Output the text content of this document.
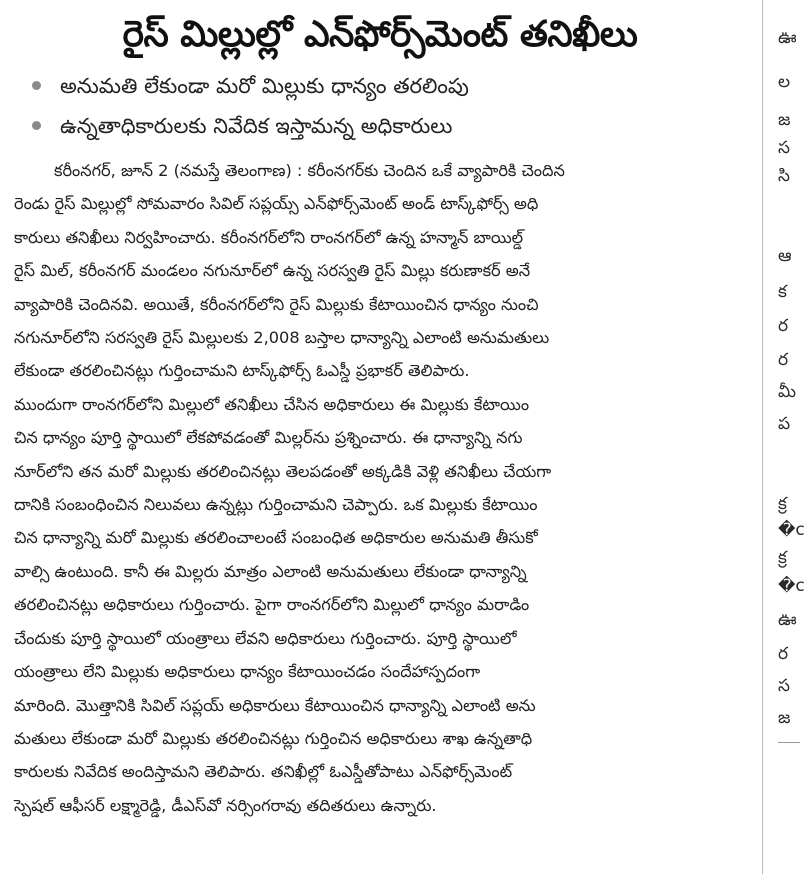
రైస్ మిల్లుల్లో ఎన్‌ఫోర్స్‌మెంట్ తనిఖీలు
అనుమతి లేకుండా మరో మిల్లుకు ధాన్యం తరలింపు
ఉన్నతాధికారులకు నివేదిక ఇస్తామన్న అధికారులు
కరీంనగర్, జూన్ 2 (నమస్తే తెలంగాణ) : కరీంనగర్‌కు చెందిన ఒకే వ్యాపారికి చెందిన
రెండు రైస్ మిల్లుల్లో సోమవారం సివిల్ సప్లయ్స్ ఎన్‌ఫోర్స్‌మెంట్ అండ్ టాస్క్‌ఫోర్స్ అధి
కారులు తనిఖీలు నిర్వహించారు. కరీంనగర్‌లోని రాంనగర్‌లో ఉన్న హన్మాన్ బాయిల్డ్
రైస్ మిల్, కరీంనగర్ మండలం నగునూర్‌లో ఉన్న సరస్వతి రైస్ మిల్లు కరుణాకర్ అనే
వ్యాపారికి చెందినవి. అయితే, కరీంనగర్‌లోని రైస్ మిల్లుకు కేటాయించిన ధాన్యం నుంచి
నగునూర్‌లోని సరస్వతి రైస్ మిల్లులకు 2,008 బస్తాల ధాన్యాన్ని ఎలాంటి అనుమతులు
లేకుండా తరలించినట్లు గుర్తించామని టాస్క్‌ఫోర్స్ ఓఎస్డీ ప్రభాకర్ తెలిపారు.
ముందుగా రాంనగర్‌లోని మిల్లులో తనిఖీలు చేసిన అధికారులు ఈ మిల్లుకు కేటాయిం
చిన ధాన్యం పూర్తి స్థాయిలో లేకపోవడంతో మిల్లర్‌ను ప్రశ్నించారు. ఈ ధాన్యాన్ని నగు
నూర్‌లోని తన మరో మిల్లుకు తరలించినట్లు తెలపడంతో అక్కడికి వెళ్లి తనిఖీలు చేయగా
దానికి సంబంధించిన నిలువలు ఉన్నట్లు గుర్తించామని చెప్పారు. ఒక మిల్లుకు కేటాయిం
చిన ధాన్యాన్ని మరో మిల్లుకు తరలించాలంటే సంబంధిత అధికారుల అనుమతి తీసుకో
వాల్సి ఉంటుంది. కానీ ఈ మిల్లరు మాత్రం ఎలాంటి అనుమతులు లేకుండా ధాన్యాన్ని
తరలించినట్లు అధికారులు గుర్తించారు. పైగా రాంనగర్‌లోని మిల్లులో ధాన్యం మరాడిం
చేందుకు పూర్తి స్థాయిలో యంత్రాలు లేవని అధికారులు గుర్తించారు. పూర్తి స్థాయిలో
యంత్రాలు లేని మిల్లుకు అధికారులు ధాన్యం కేటాయించడం సందేహాస్పదంగా
మారింది. మొత్తానికి సివిల్ సప్లయ్ అధికారులు కేటాయించిన ధాన్యాన్ని ఎలాంటి అను
మతులు లేకుండా మరో మిల్లుకు తరలించినట్లు గుర్తించిన అధికారులు శాఖ ఉన్నతాధి
కారులకు నివేదిక అందిస్తామని తెలిపారు. తనిఖీల్లో ఓఎస్డీతోపాటు ఎన్‌ఫోర్స్‌మెంట్
స్పెషల్ ఆఫీసర్ లక్ష్మారెడ్డి, డీఎస్‌వో నర్సింగరావు తదితరులు ఉన్నారు.
ఊ
ల
జ
స
సి
ఆ
క
ర
ర
మీ
ప
క్ర
�c
క్ర
�c
ఊ
ర
స
జ
